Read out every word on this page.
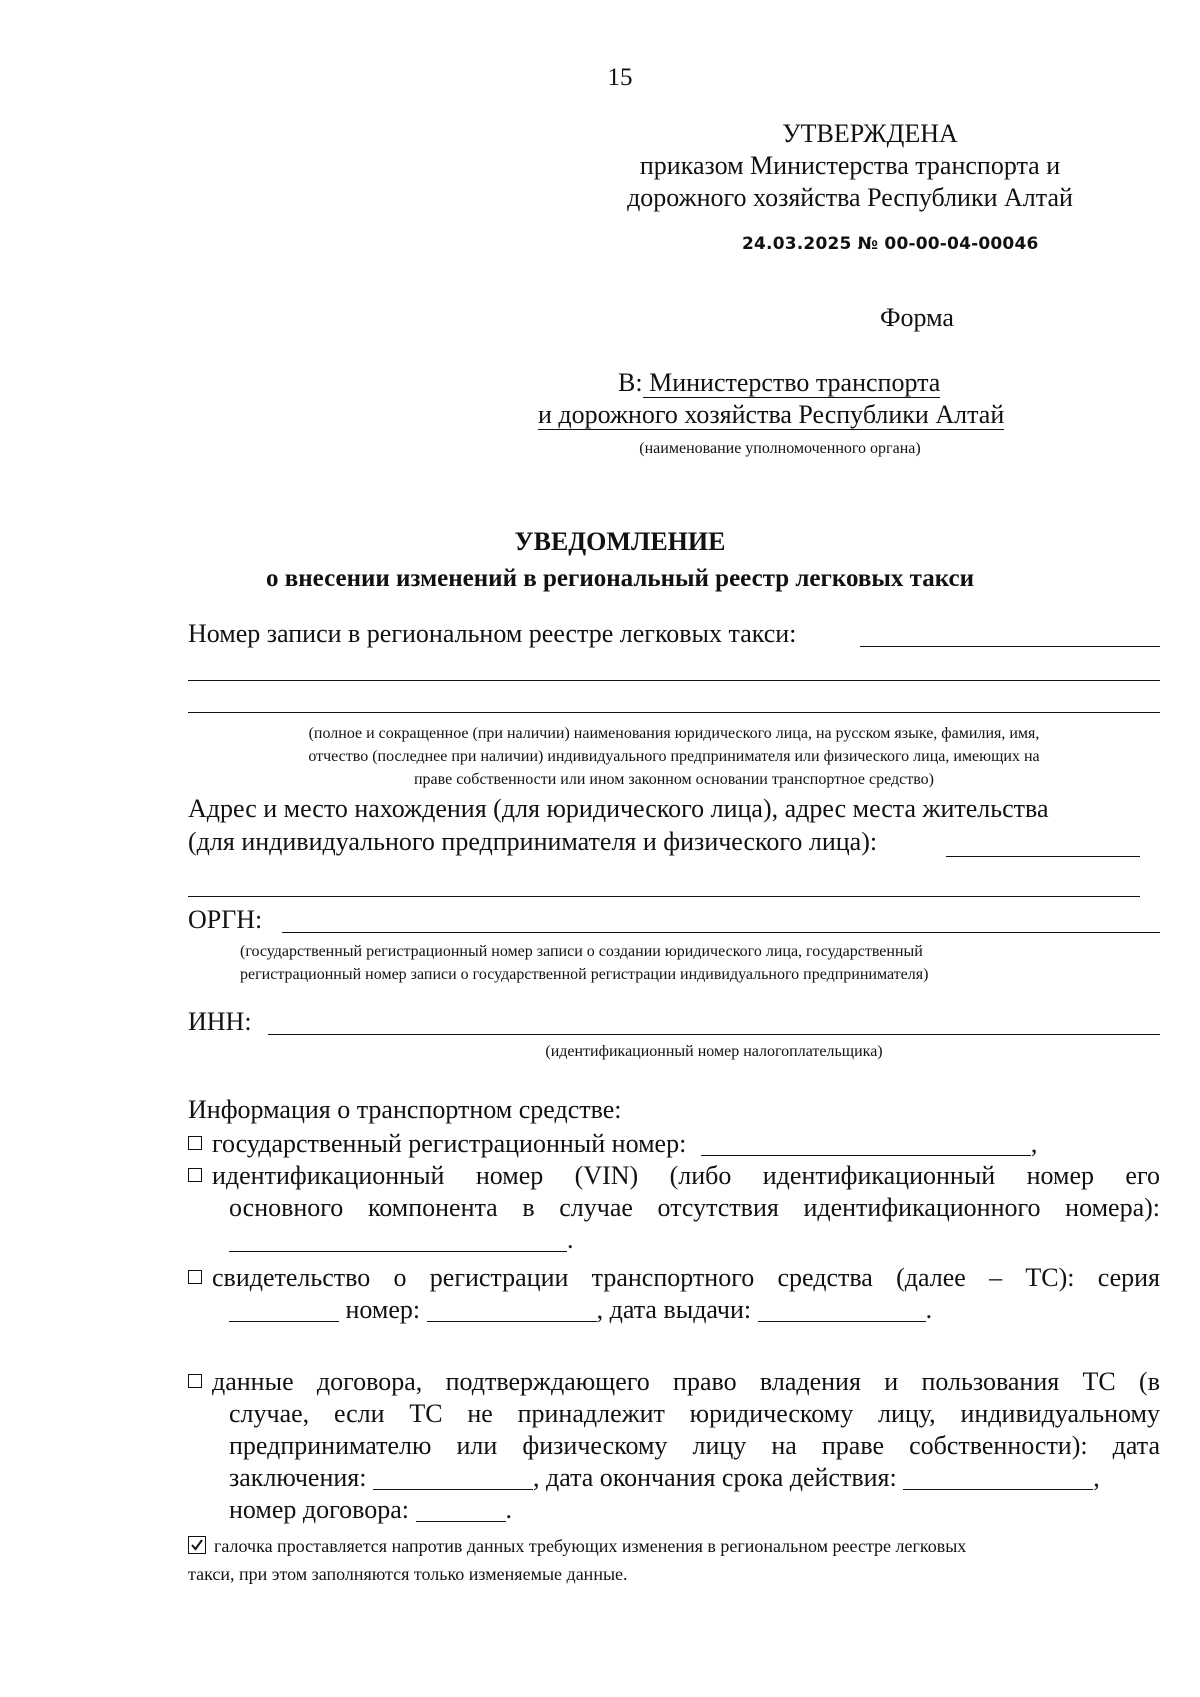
15
УТВЕРЖДЕНА
приказом Министерства транспорта и
дорожного хозяйства Республики Алтай
24.03.2025 № 00-00-04-00046
Форма
В: Министерство транспорта
и дорожного хозяйства Республики Алтай
(наименование уполномоченного органа)
УВЕДОМЛЕНИЕ
о внесении изменений в региональный реестр легковых такси
Номер записи в региональном реестре легковых такси:
(полное и сокращенное (при наличии) наименования юридического лица, на русском языке, фамилия, имя,
отчество (последнее при наличии) индивидуального предпринимателя или физического лица, имеющих на
праве собственности или ином законном основании транспортное средство)
Адрес и место нахождения (для юридического лица), адрес места жительства
(для индивидуального предпринимателя и физического лица):
ОРГН:
(государственный регистрационный номер записи о создании юридического лица, государственный
регистрационный номер записи о государственной регистрации индивидуального предпринимателя)
ИНН:
(идентификационный номер налогоплательщика)
Информация о транспортном средстве:
государственный регистрационный номер:	,
идентификационный номер (VIN) (либо идентификационный номер его
основного компонента в случае отсутствия идентификационного номера):
.
свидетельство о регистрации транспортного средства (далее – ТС): серия
номер:	, дата выдачи:	.
данные договора, подтверждающего право владения и пользования ТС (в
случае, если ТС не принадлежит юридическому лицу, индивидуальному
предпринимателю или физическому лицу на праве собственности): дата
заключения:	, дата окончания срока действия:	,
номер договора:	.
галочка проставляется напротив данных требующих изменения в региональном реестре легковых
такси, при этом заполняются только изменяемые данные.
